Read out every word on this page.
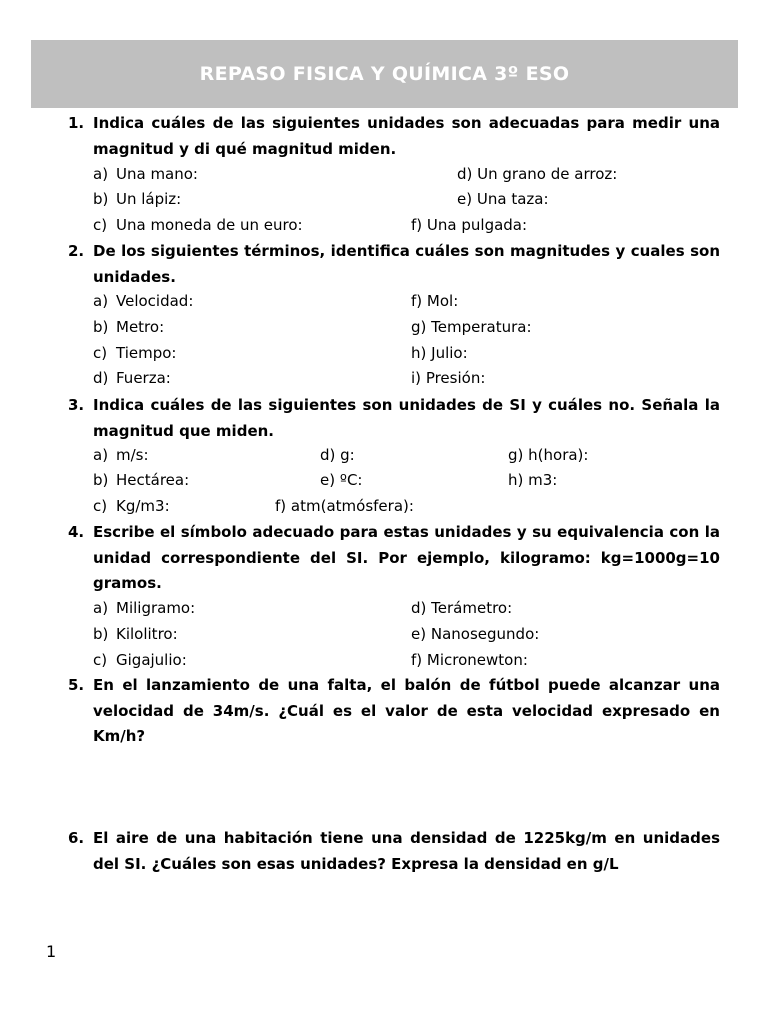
REPASO FISICA Y QUÍMICA 3º ESO
1. Indica cuáles de las siguientes unidades son adecuadas para medir una magnitud y di qué magnitud miden.
a) Una mano:	d) Un grano de arroz:
b) Un lápiz:	e) Una taza:
c) Una moneda de un euro:	f) Una pulgada:
2. De los siguientes términos, identifica cuáles son magnitudes y cuales son unidades.
a) Velocidad:	f) Mol:
b) Metro:	g) Temperatura:
c) Tiempo:	h) Julio:
d) Fuerza:	i) Presión:
3. Indica cuáles de las siguientes son unidades de SI y cuáles no. Señala la magnitud que miden.
a) m/s:	d) g:	g) h(hora):
b) Hectárea:	e) ºC:	h) m3:
c) Kg/m3:	f) atm(atmósfera):
4. Escribe el símbolo adecuado para estas unidades y su equivalencia con la unidad correspondiente del SI. Por ejemplo, kilogramo: kg=1000g=10 gramos.
a) Miligramo:	d) Terámetro:
b) Kilolitro:	e) Nanosegundo:
c) Gigajulio:	f) Micronewton:
5. En el lanzamiento de una falta, el balón de fútbol puede alcanzar una velocidad de 34m/s. ¿Cuál es el valor de esta velocidad expresado en Km/h?
6. El aire de una habitación tiene una densidad de 1225kg/m en unidades del SI. ¿Cuáles son esas unidades? Expresa la densidad en g/L
1
